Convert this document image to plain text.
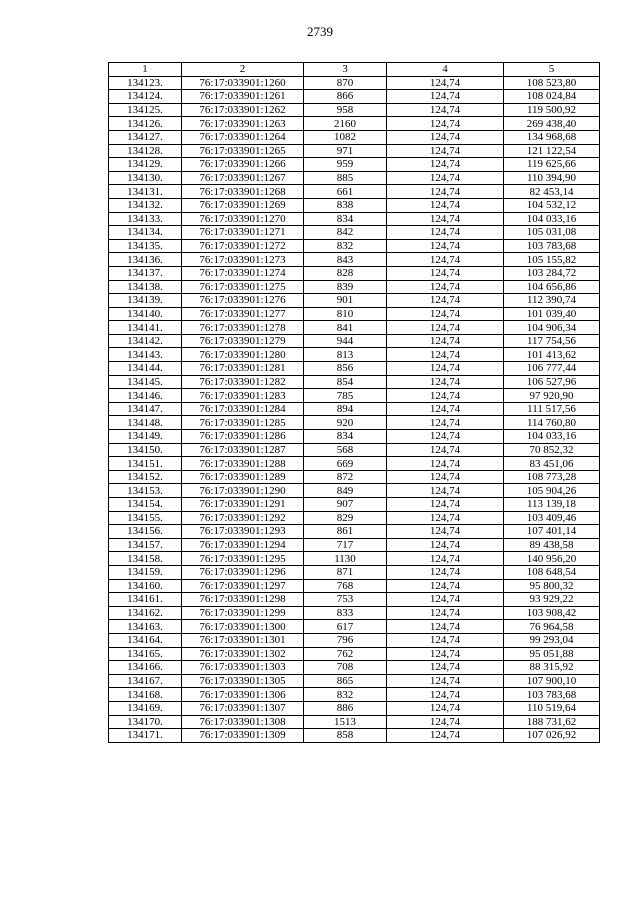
2739
1	2	3	4	5
134123.	76:17:033901:1260	870	124,74	108 523,80
134124.	76:17:033901:1261	866	124,74	108 024,84
134125.	76:17:033901:1262	958	124,74	119 500,92
134126.	76:17:033901:1263	2160	124,74	269 438,40
134127.	76:17:033901:1264	1082	124,74	134 968,68
134128.	76:17:033901:1265	971	124,74	121 122,54
134129.	76:17:033901:1266	959	124,74	119 625,66
134130.	76:17:033901:1267	885	124,74	110 394,90
134131.	76:17:033901:1268	661	124,74	82 453,14
134132.	76:17:033901:1269	838	124,74	104 532,12
134133.	76:17:033901:1270	834	124,74	104 033,16
134134.	76:17:033901:1271	842	124,74	105 031,08
134135.	76:17:033901:1272	832	124,74	103 783,68
134136.	76:17:033901:1273	843	124,74	105 155,82
134137.	76:17:033901:1274	828	124,74	103 284,72
134138.	76:17:033901:1275	839	124,74	104 656,86
134139.	76:17:033901:1276	901	124,74	112 390,74
134140.	76:17:033901:1277	810	124,74	101 039,40
134141.	76:17:033901:1278	841	124,74	104 906,34
134142.	76:17:033901:1279	944	124,74	117 754,56
134143.	76:17:033901:1280	813	124,74	101 413,62
134144.	76:17:033901:1281	856	124,74	106 777,44
134145.	76:17:033901:1282	854	124,74	106 527,96
134146.	76:17:033901:1283	785	124,74	97 920,90
134147.	76:17:033901:1284	894	124,74	111 517,56
134148.	76:17:033901:1285	920	124,74	114 760,80
134149.	76:17:033901:1286	834	124,74	104 033,16
134150.	76:17:033901:1287	568	124,74	70 852,32
134151.	76:17:033901:1288	669	124,74	83 451,06
134152.	76:17:033901:1289	872	124,74	108 773,28
134153.	76:17:033901:1290	849	124,74	105 904,26
134154.	76:17:033901:1291	907	124,74	113 139,18
134155.	76:17:033901:1292	829	124,74	103 409,46
134156.	76:17:033901:1293	861	124,74	107 401,14
134157.	76:17:033901:1294	717	124,74	89 438,58
134158.	76:17:033901:1295	1130	124,74	140 956,20
134159.	76:17:033901:1296	871	124,74	108 648,54
134160.	76:17:033901:1297	768	124,74	95 800,32
134161.	76:17:033901:1298	753	124,74	93 929,22
134162.	76:17:033901:1299	833	124,74	103 908,42
134163.	76:17:033901:1300	617	124,74	76 964,58
134164.	76:17:033901:1301	796	124,74	99 293,04
134165.	76:17:033901:1302	762	124,74	95 051,88
134166.	76:17:033901:1303	708	124,74	88 315,92
134167.	76:17:033901:1305	865	124,74	107 900,10
134168.	76:17:033901:1306	832	124,74	103 783,68
134169.	76:17:033901:1307	886	124,74	110 519,64
134170.	76:17:033901:1308	1513	124,74	188 731,62
134171.	76:17:033901:1309	858	124,74	107 026,92
